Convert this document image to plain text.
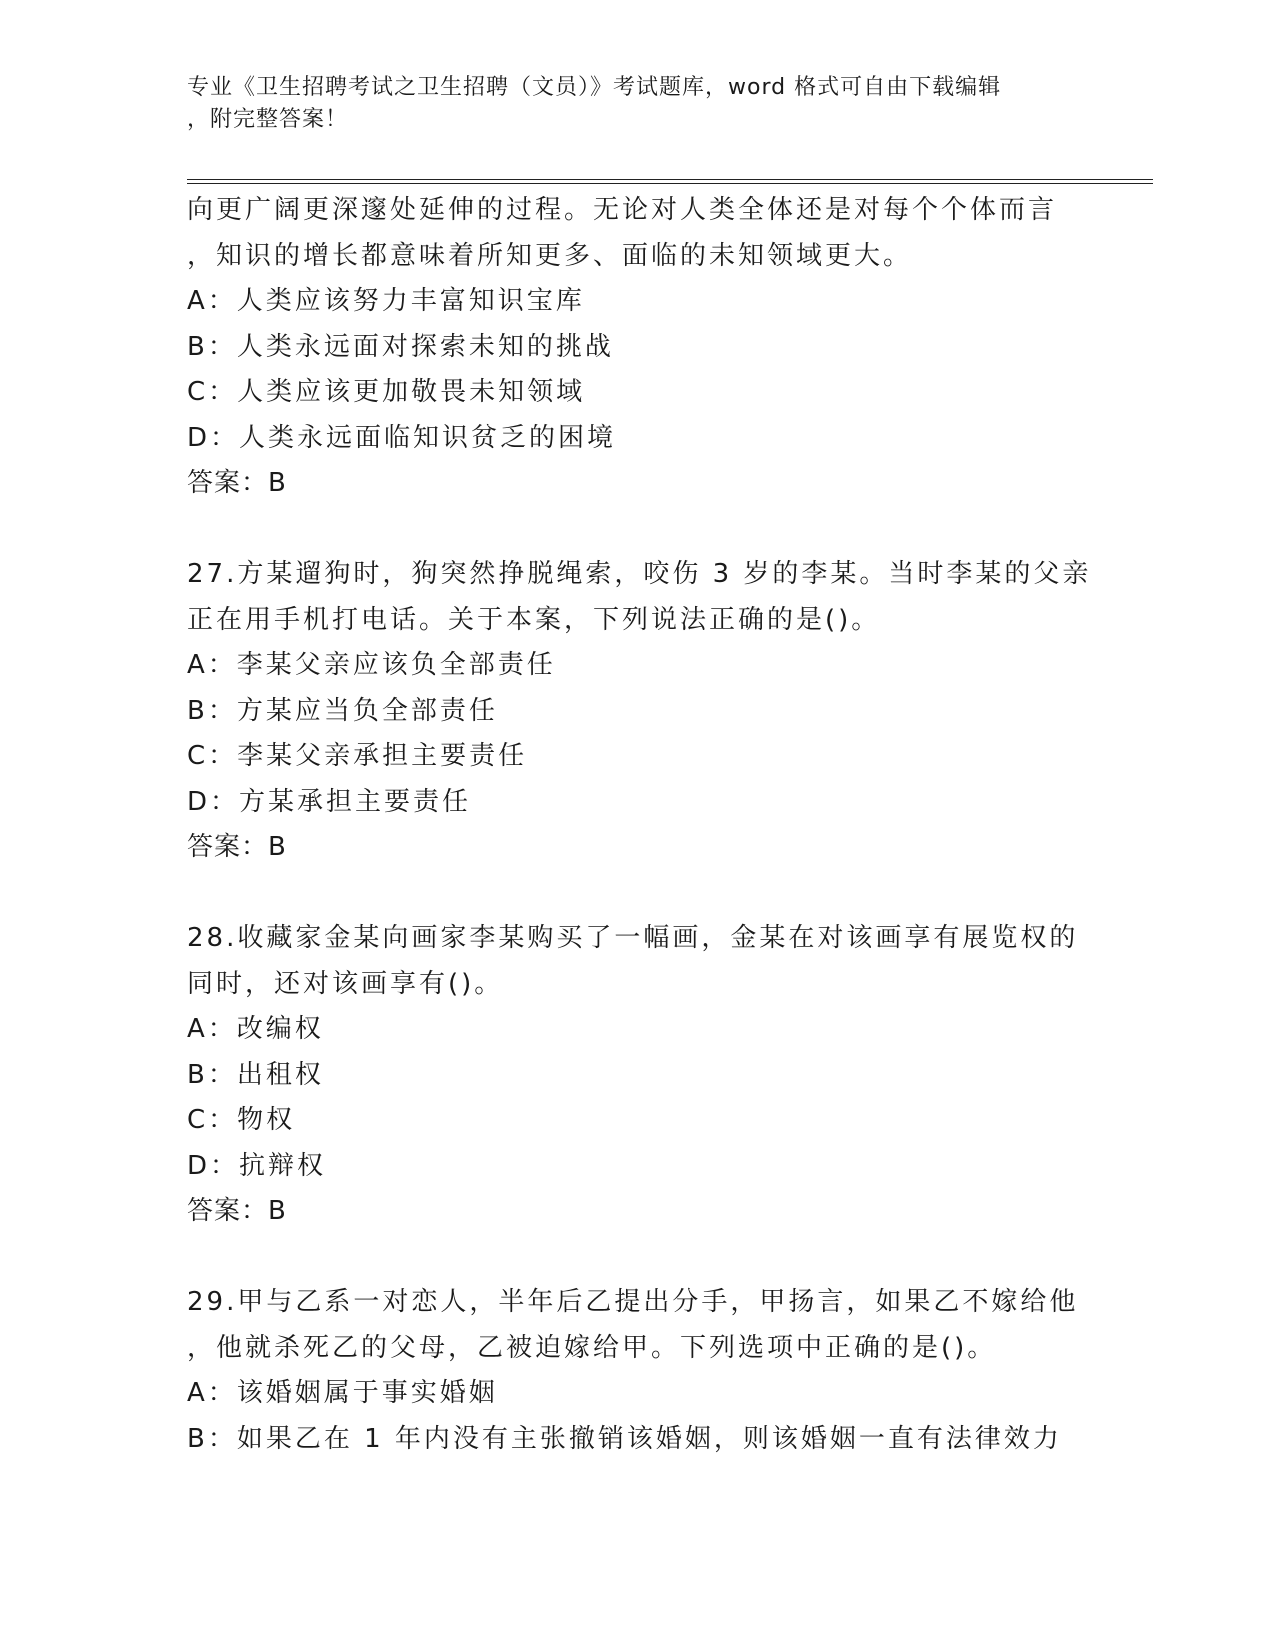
专业《卫生招聘考试之卫生招聘（文员）》考试题库，word 格式可自由下载编辑
，附完整答案！
向更广阔更深邃处延伸的过程。无论对人类全体还是对每个个体而言
，知识的增长都意味着所知更多、面临的未知领域更大。
A：人类应该努力丰富知识宝库
B：人类永远面对探索未知的挑战
C：人类应该更加敬畏未知领域
D：人类永远面临知识贫乏的困境
答案：B
27.方某遛狗时，狗突然挣脱绳索，咬伤 3 岁的李某。当时李某的父亲
正在用手机打电话。关于本案，下列说法正确的是()。
A：李某父亲应该负全部责任
B：方某应当负全部责任
C：李某父亲承担主要责任
D：方某承担主要责任
答案：B
28.收藏家金某向画家李某购买了一幅画，金某在对该画享有展览权的
同时，还对该画享有()。
A：改编权
B：出租权
C：物权
D：抗辩权
答案：B
29.甲与乙系一对恋人，半年后乙提出分手，甲扬言，如果乙不嫁给他
，他就杀死乙的父母，乙被迫嫁给甲。下列选项中正确的是()。
A：该婚姻属于事实婚姻
B：如果乙在 1 年内没有主张撤销该婚姻，则该婚姻一直有法律效力
